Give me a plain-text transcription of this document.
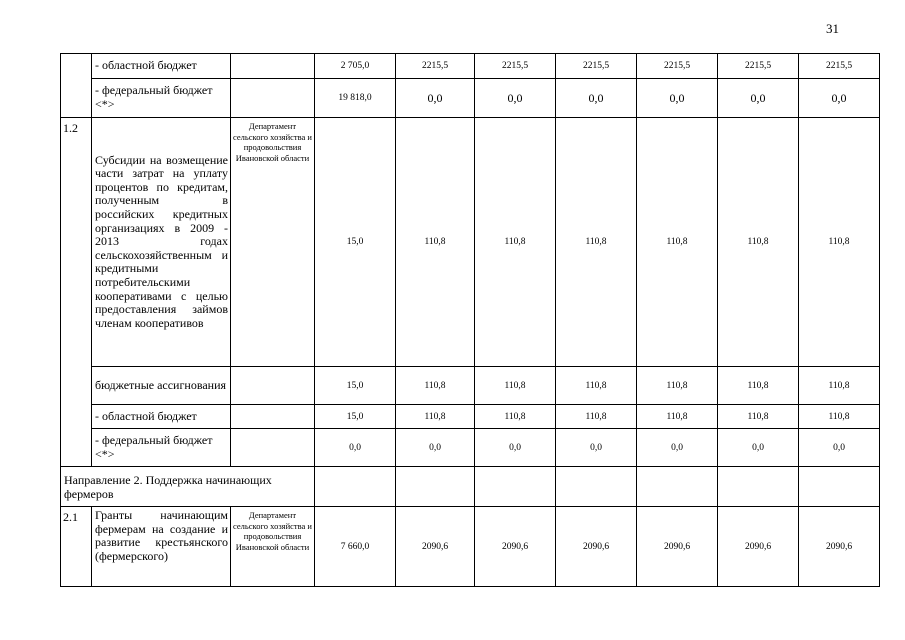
31
	- областной бюджет		2 705,0	2215,5	2215,5	2215,5	2215,5	2215,5	2215,5
	- федеральный бюджет <*>		19 818,0	0,0	0,0	0,0	0,0	0,0	0,0
1.2	Субсидии на возмещение части затрат на уплату процентов по кредитам, полученным в российских кредитных организациях в 2009 - 2013 годах сельскохозяйственным и кредитными потребительскими кооперативами с целью предоставления займов членам кооперативов	Департамент сельского хозяйства и продовольствия Ивановской области	15,0	110,8	110,8	110,8	110,8	110,8	110,8
	бюджетные ассигнования		15,0	110,8	110,8	110,8	110,8	110,8	110,8
	- областной бюджет		15,0	110,8	110,8	110,8	110,8	110,8	110,8
	- федеральный бюджет <*>		0,0	0,0	0,0	0,0	0,0	0,0	0,0
Направление 2. Поддержка начинающих фермеров									
2.1	Гранты начинающим фермерам на создание и развитие крестьянского (фермерского)	Департамент сельского хозяйства и продовольствия Ивановской области	7 660,0	2090,6	2090,6	2090,6	2090,6	2090,6	2090,6
